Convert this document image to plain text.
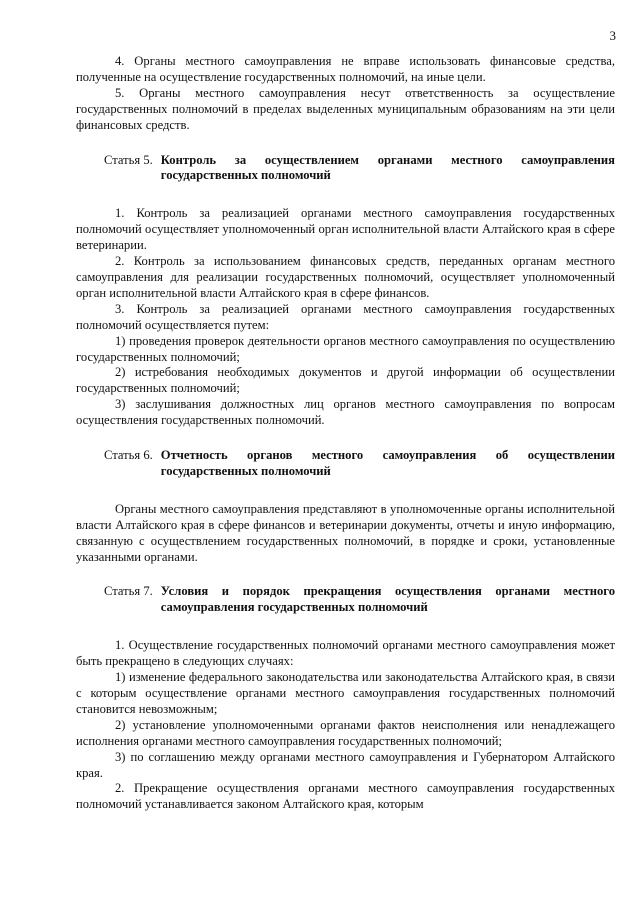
3

4. Органы местного самоуправления не вправе использовать финансовые средства, полученные на осуществление государственных полномочий, на иные цели.

5. Органы местного самоуправления несут ответственность за осуществление государственных полномочий в пределах выделенных муниципальным образованиям на эти цели финансовых средств.

Статья 5. Контроль за осуществлением органами местного самоуправления государственных полномочий

1. Контроль за реализацией органами местного самоуправления государственных полномочий осуществляет уполномоченный орган исполнительной власти Алтайского края в сфере ветеринарии.

2. Контроль за использованием финансовых средств, переданных органам местного самоуправления для реализации государственных полномочий, осуществляет уполномоченный орган исполнительной власти Алтайского края в сфере финансов.

3. Контроль за реализацией органами местного самоуправления государственных полномочий осуществляется путем:

1) проведения проверок деятельности органов местного самоуправления по осуществлению государственных полномочий;

2) истребования необходимых документов и другой информации об осуществлении государственных полномочий;

3) заслушивания должностных лиц органов местного самоуправления по вопросам осуществления государственных полномочий.

Статья 6. Отчетность органов местного самоуправления об осуществлении государственных полномочий

Органы местного самоуправления представляют в уполномоченные органы исполнительной власти Алтайского края в сфере финансов и ветеринарии документы, отчеты и иную информацию, связанную с осуществлением государственных полномочий, в порядке и сроки, установленные указанными органами.

Статья 7. Условия и порядок прекращения осуществления органами местного самоуправления государственных полномочий

1. Осуществление государственных полномочий органами местного самоуправления может быть прекращено в следующих случаях:

1) изменение федерального законодательства или законодательства Алтайского края, в связи с которым осуществление органами местного самоуправления государственных полномочий становится невозможным;

2) установление уполномоченными органами фактов неисполнения или ненадлежащего исполнения органами местного самоуправления государственных полномочий;

3) по соглашению между органами местного самоуправления и Губернатором Алтайского края.

2. Прекращение осуществления органами местного самоуправления государственных полномочий устанавливается законом Алтайского края, которым
